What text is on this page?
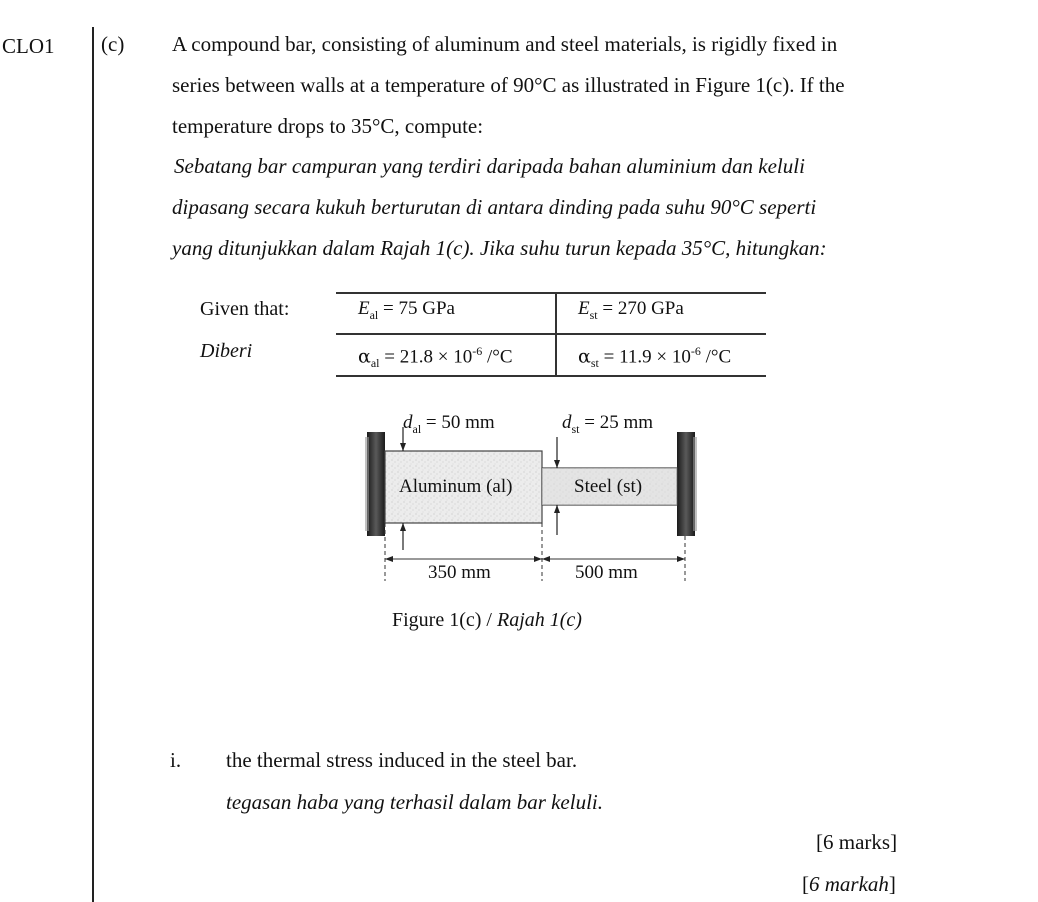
CLO1 (c) A compound bar, consisting of aluminum and steel materials, is rigidly fixed in
series between walls at a temperature of 90°C as illustrated in Figure 1(c). If the
temperature drops to 35°C, compute:
Sebatang bar campuran yang terdiri daripada bahan aluminium dan keluli
dipasang secara kukuh berturutan di antara dinding pada suhu 90°C seperti
yang ditunjukkan dalam Rajah 1(c). Jika suhu turun kepada 35°C, hitungkan:
Given that:
Diberi
$E_{al} = 75$ GPa	$E_{st} = 270$ GPa
$\alpha_{al} = 21.8 \times 10^{-6}$ /°C	$\alpha_{st} = 11.9 \times 10^{-6}$ /°C
$d_{al} = 50$ mm	$d_{st} = 25$ mm
Aluminum (al)	Steel (st)
350 mm	500 mm
Figure 1(c) / Rajah 1(c)
i. the thermal stress induced in the steel bar.
tegasan haba yang terhasil dalam bar keluli.
[6 marks]
[6 markah]
